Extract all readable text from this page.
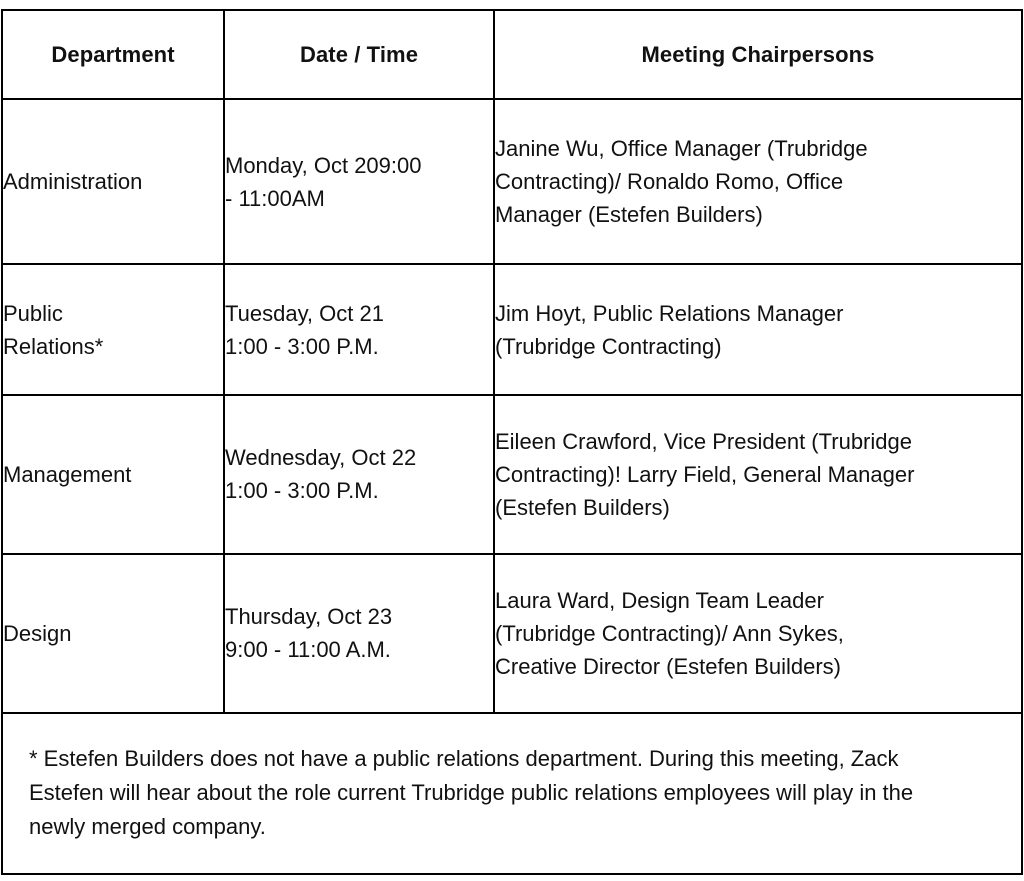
Department	Date / Time	Meeting Chairpersons

Administration	Monday, Oct 209:00 - 11:00AM	Janine Wu, Office Manager (Trubridge Contracting)/ Ronaldo Romo, Office Manager (Estefen Builders)

Public Relations*	Tuesday, Oct 21 1:00 - 3:00 P.M.	Jim Hoyt, Public Relations Manager (Trubridge Contracting)

Management	Wednesday, Oct 22 1:00 - 3:00 P.M.	Eileen Crawford, Vice President (Trubridge Contracting)! Larry Field, General Manager (Estefen Builders)

Design	Thursday, Oct 23 9:00 - 11:00 A.M.	Laura Ward, Design Team Leader (Trubridge Contracting)/ Ann Sykes, Creative Director (Estefen Builders)

* Estefen Builders does not have a public relations department. During this meeting, Zack Estefen will hear about the role current Trubridge public relations employees will play in the newly merged company.		
